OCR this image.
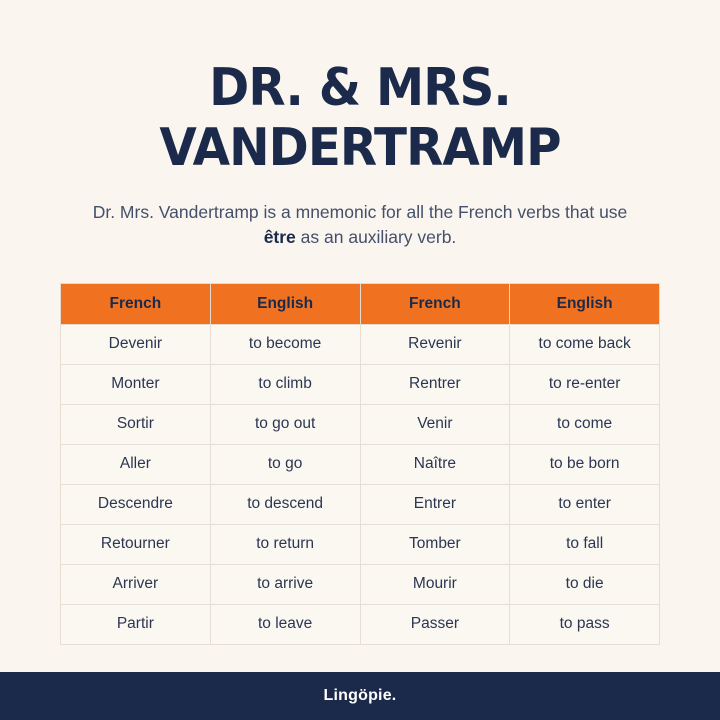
DR. & MRS. VANDERTRAMP

Dr. Mrs. Vandertramp is a mnemonic for all the French verbs that use être as an auxiliary verb.

French	English	French	English
Devenir	to become	Revenir	to come back
Monter	to climb	Rentrer	to re-enter
Sortir	to go out	Venir	to come
Aller	to go	Naître	to be born
Descendre	to descend	Entrer	to enter
Retourner	to return	Tomber	to fall
Arriver	to arrive	Mourir	to die
Partir	to leave	Passer	to pass
Lingöpie.
